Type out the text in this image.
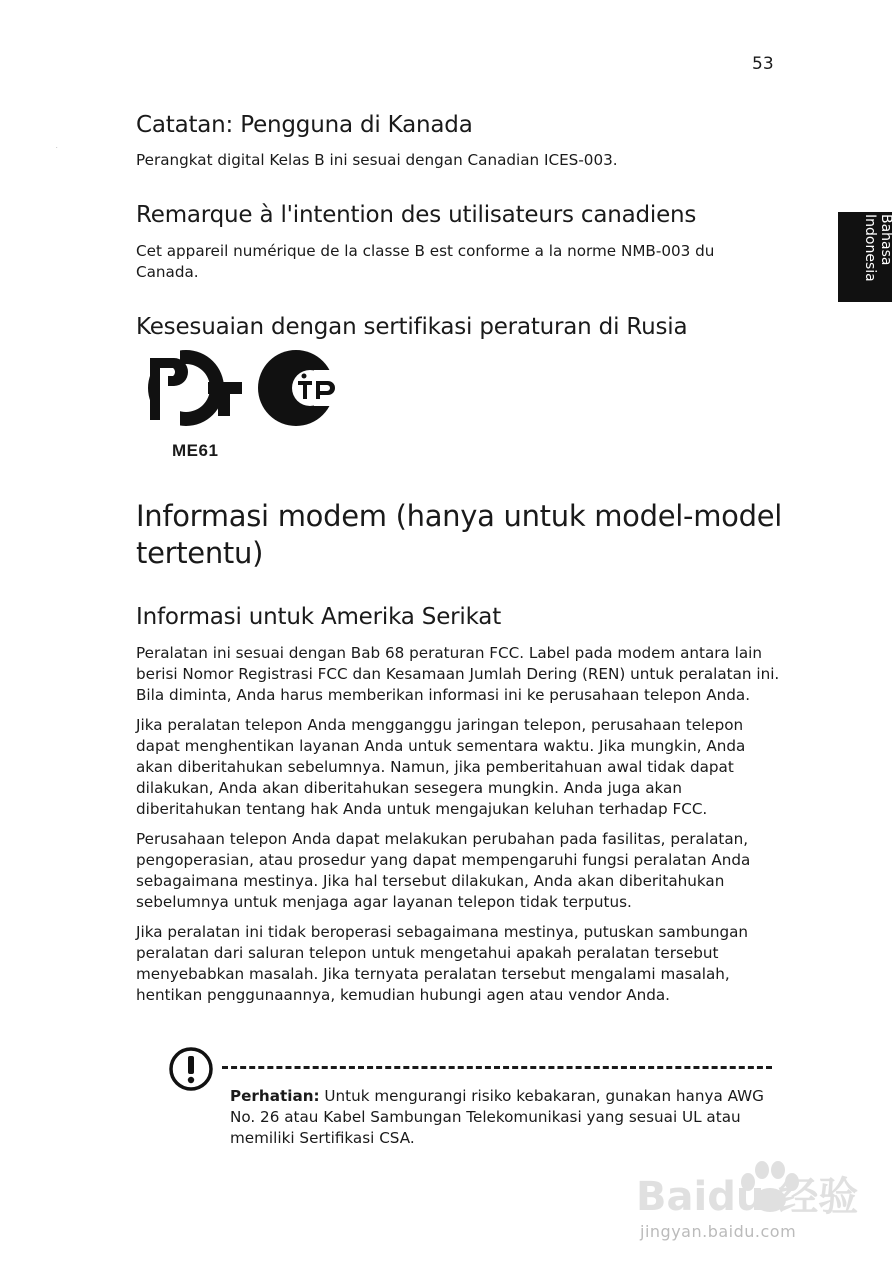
53
Bahasa Indonesia
Catatan: Pengguna di Kanada
Perangkat digital Kelas B ini sesuai dengan Canadian ICES-003.
Remarque à l'intention des utilisateurs canadiens
Cet appareil numérique de la classe B est conforme a la norme NMB-003 du Canada.
Kesesuaian dengan sertifikasi peraturan di Rusia
TP
ME61
Informasi modem (hanya untuk model-model tertentu)
Informasi untuk Amerika Serikat

Peralatan ini sesuai dengan Bab 68 peraturan FCC. Label pada modem antara lain berisi Nomor Registrasi FCC dan Kesamaan Jumlah Dering (REN) untuk peralatan ini. Bila diminta, Anda harus memberikan informasi ini ke perusahaan telepon Anda.

Jika peralatan telepon Anda mengganggu jaringan telepon, perusahaan telepon dapat menghentikan layanan Anda untuk sementara waktu. Jika mungkin, Anda akan diberitahukan sebelumnya. Namun, jika pemberitahuan awal tidak dapat dilakukan, Anda akan diberitahukan sesegera mungkin. Anda juga akan diberitahukan tentang hak Anda untuk mengajukan keluhan terhadap FCC.

Perusahaan telepon Anda dapat melakukan perubahan pada fasilitas, peralatan, pengoperasian, atau prosedur yang dapat mempengaruhi fungsi peralatan Anda sebagaimana mestinya. Jika hal tersebut dilakukan, Anda akan diberitahukan sebelumnya untuk menjaga agar layanan telepon tidak terputus.

Jika peralatan ini tidak beroperasi sebagaimana mestinya, putuskan sambungan peralatan dari saluran telepon untuk mengetahui apakah peralatan tersebut menyebabkan masalah. Jika ternyata peralatan tersebut mengalami masalah, hentikan penggunaannya, kemudian hubungi agen atau vendor Anda.

Perhatian: Untuk mengurangi risiko kebakaran, gunakan hanya AWG No. 26 atau Kabel Sambungan Telekomunikasi yang sesuai UL atau memiliki Sertifikasi CSA.
Baidu 经验
jingyan.baidu.com
